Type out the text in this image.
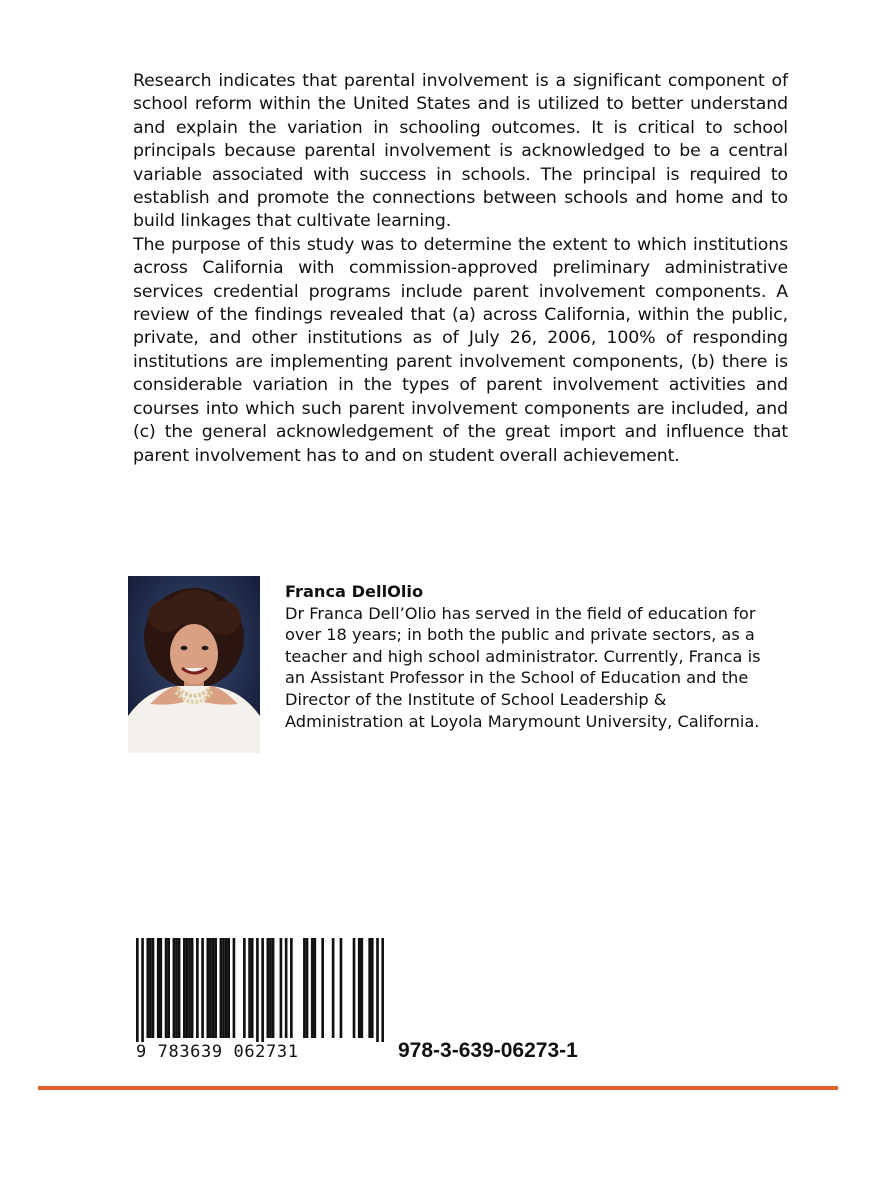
Research indicates that parental involvement is a significant component of school reform within the United States and is utilized to better understand and explain the variation in schooling outcomes. It is critical to school principals because parental involvement is acknowledged to be a central variable associated with success in schools. The principal is required to establish and promote the connections between schools and home and to build linkages that cultivate learning.

The purpose of this study was to determine the extent to which institutions across California with commission-approved preliminary administrative services credential programs include parent involvement components. A review of the findings revealed that (a) across California, within the public, private, and other institutions as of July 26, 2006, 100% of responding institutions are implementing parent involvement components, (b) there is considerable variation in the types of parent involvement activities and courses into which such parent involvement components are included, and (c) the general acknowledgement of the great import and influence that parent involvement has to and on student overall achievement.

Franca DellOlio

Dr Franca Dell’Olio has served in the field of education for over 18 years; in both the public and private sectors, as a teacher and high school administrator. Currently, Franca is an Assistant Professor in the School of Education and the Director of the Institute of School Leadership & Administration at Loyola Marymount University, California.

9 783639 062731	978-3-639-06273-1
